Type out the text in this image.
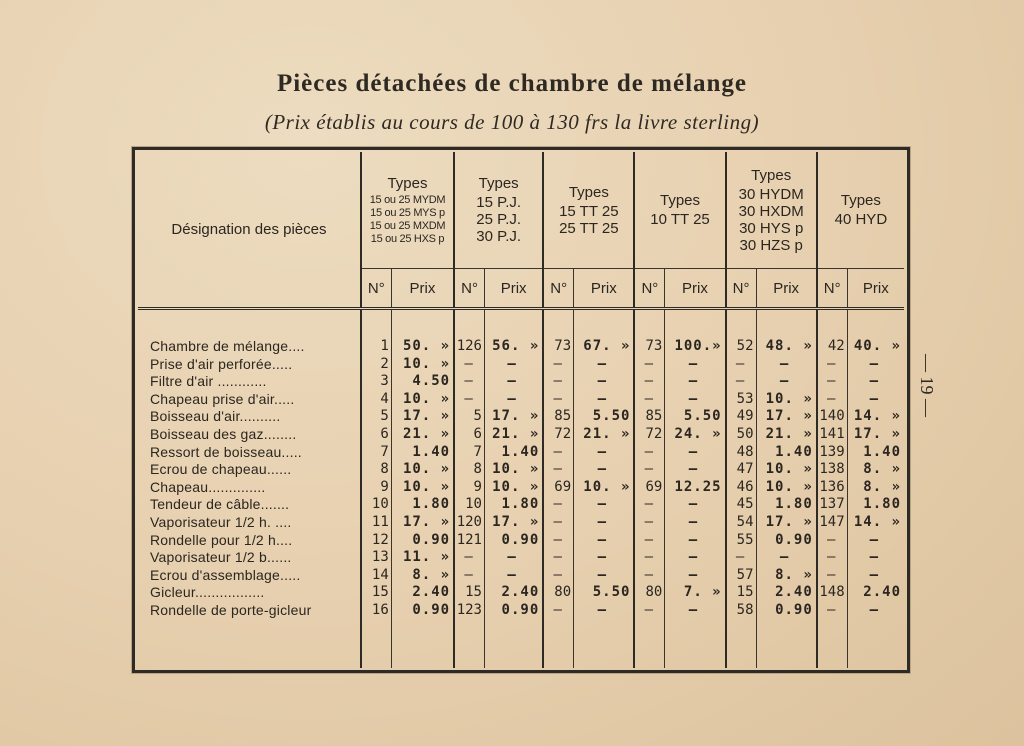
Pièces détachées de chambre de mélange
(Prix établis au cours de 100 à 130 frs la livre sterling)
Désignation des pièces	Types
15 ou 25 MYDM
15 ou 25 MYS p
15 ou 25 MXDM
15 ou 25 HXS p		Types
15 P.J.
25 P.J.
30 P.J.		Types
15 TT 25
25 TT 25		Types
10 TT 25		Types
30 HYDM
30 HXDM
30 HYS p
30 HZS p		Types
40 HYD	

	N°	Prix	N°	Prix	N°	Prix	N°	Prix	N°	Prix	N°	Prix

Chambre de mélange....	1	50. »	126	56. »	73	67. »	73	100.»	52	48. »	42	40. »
Prise d'air perforée.....	2	10. »	—	—	—	—	—	—	—	—	—	—
Filtre d'air ............	3	4.50	—	—	—	—	—	—	—	—	—	—
Chapeau prise d'air.....	4	10. »	—	—	—	—	—	—	53	10. »	—	—
Boisseau d'air..........	5	17. »	5	17. »	85	5.50	85	5.50	49	17. »	140	14. »
Boisseau des gaz........	6	21. »	6	21. »	72	21. »	72	24. »	50	21. »	141	17. »
Ressort de boisseau.....	7	1.40	7	1.40	—	—	—	—	48	1.40	139	1.40
Ecrou de chapeau......	8	10. »	8	10. »	—	—	—	—	47	10. »	138	8. »
Chapeau..............	9	10. »	9	10. »	69	10. »	69	12.25	46	10. »	136	8. »
Tendeur de câble.......	10	1.80	10	1.80	—	—	—	—	45	1.80	137	1.80
Vaporisateur 1/2 h. ....	11	17. »	120	17. »	—	—	—	—	54	17. »	147	14. »
Rondelle pour 1/2 h....	12	0.90	121	0.90	—	—	—	—	55	0.90	—	—
Vaporisateur 1/2 b......	13	11. »	—	—	—	—	—	—	—	—	—	—
Ecrou d'assemblage.....	14	8. »	—	—	—	—	—	—	57	8. »	—	—
Gicleur.................	15	2.40	15	2.40	80	5.50	80	7. »	15	2.40	148	2.40
Rondelle de porte-gicleur	16	0.90	123	0.90	—	—	—	—	58	0.90	—	—

— 19 —
